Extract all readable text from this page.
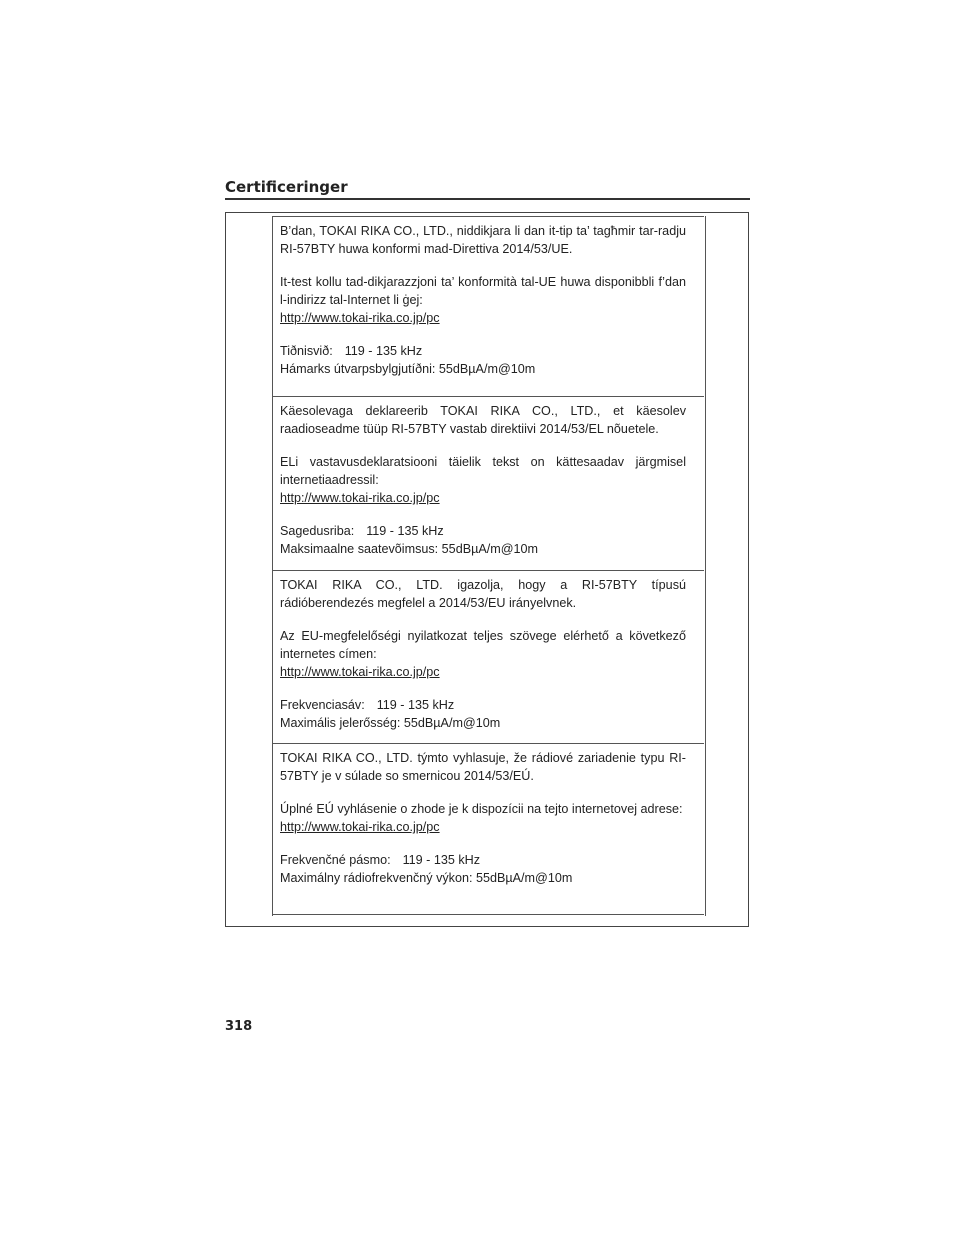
Certificeringer

B’dan, TOKAI RIKA CO., LTD., niddikjara li dan it-tip ta’ tagħmir tar-radju RI-57BTY huwa konformi mad-Direttiva 2014/53/UE.

It-test kollu tad-dikjarazzjoni ta’ konformità tal-UE huwa disponibbli f’dan l-indirizz tal-Internet li ġej:

http://www.tokai-rika.co.jp/pc

Tiðnisvið: 119 - 135 kHz

Hámarks útvarpsbylgjutíðni: 55dBµA/m@10m

Käesolevaga deklareerib TOKAI RIKA CO., LTD., et käesolev raadioseadme tüüp RI-57BTY vastab direktiivi 2014/53/EL nõuetele.

ELi vastavusdeklaratsiooni täielik tekst on kättesaadav järgmisel internetiaadressil:

http://www.tokai-rika.co.jp/pc

Sagedusriba: 119 - 135 kHz

Maksimaalne saatevõimsus: 55dBµA/m@10m

TOKAI RIKA CO., LTD. igazolja, hogy a RI-57BTY típusú rádióberendezés megfelel a 2014/53/EU irányelvnek.

Az EU-megfelelőségi nyilatkozat teljes szövege elérhető a következő internetes címen:

http://www.tokai-rika.co.jp/pc

Frekvenciasáv: 119 - 135 kHz

Maximális jelerősség: 55dBµA/m@10m

TOKAI RIKA CO., LTD. týmto vyhlasuje, že rádiové zariadenie typu RI-57BTY je v súlade so smernicou 2014/53/EÚ.

Úplné EÚ vyhlásenie o zhode je k dispozícii na tejto internetovej adrese:

http://www.tokai-rika.co.jp/pc

Frekvenčné pásmo: 119 - 135 kHz

Maximálny rádiofrekvenčný výkon: 55dBµA/m@10m

318
